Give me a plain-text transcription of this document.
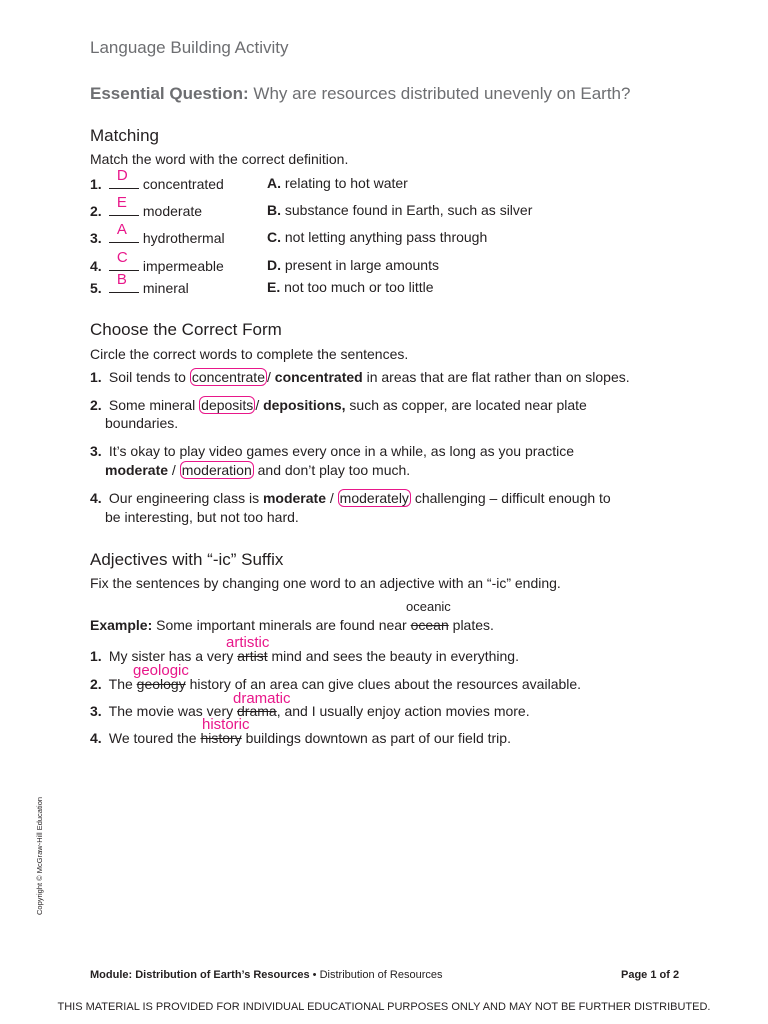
Language Building Activity
Essential Question: Why are resources distributed unevenly on Earth?
Matching
Match the word with the correct definition.
1. D concentrated	A. relating to hot water
2. E moderate	B. substance found in Earth, such as silver
3. A hydrothermal	C. not letting anything pass through
4. C impermeable	D. present in large amounts
5. B mineral	E. not too much or too little
Choose the Correct Form
Circle the correct words to complete the sentences.
1. Soil tends to concentrate / concentrated in areas that are flat rather than on slopes.
2. Some mineral deposits / depositions, such as copper, are located near plate
boundaries.
3. It’s okay to play video games every once in a while, as long as you practice
moderate / moderation and don’t play too much.
4. Our engineering class is moderate / moderately challenging – difficult enough to
be interesting, but not too hard.
Adjectives with “-ic” Suffix
Fix the sentences by changing one word to an adjective with an “-ic” ending.
oceanic
Example: Some important minerals are found near ocean plates.
artistic
1. My sister has a very artist mind and sees the beauty in everything.
geologic
2. The geology history of an area can give clues about the resources available.
dramatic
3. The movie was very drama, and I usually enjoy action movies more.
historic
4. We toured the history buildings downtown as part of our field trip.
Copyright © McGraw-Hill Education
Module: Distribution of Earth’s Resources • Distribution of Resources	Page 1 of 2
THIS MATERIAL IS PROVIDED FOR INDIVIDUAL EDUCATIONAL PURPOSES ONLY AND MAY NOT BE FURTHER DISTRIBUTED.
